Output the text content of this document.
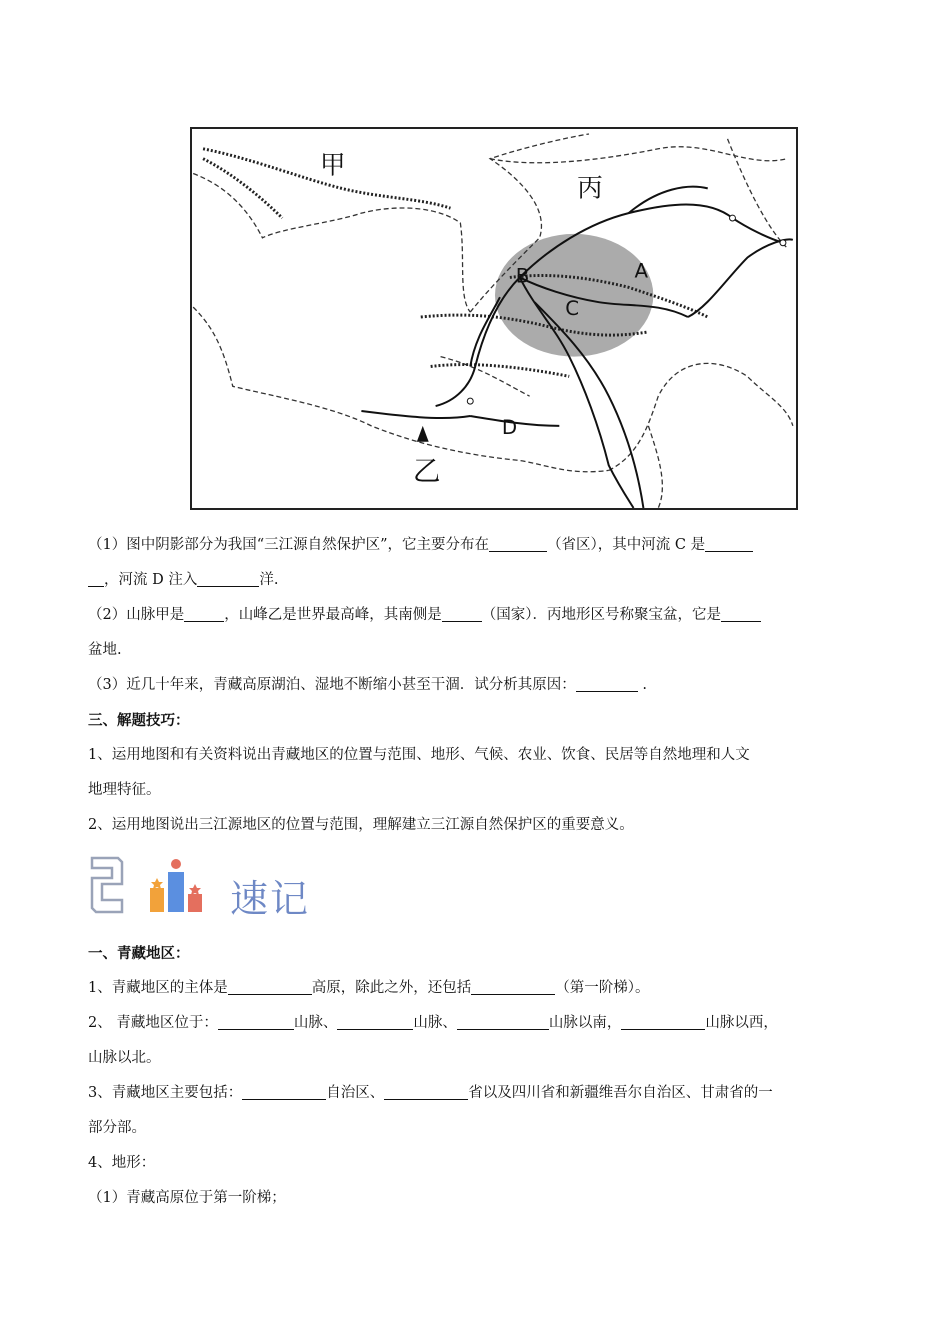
甲
丙
乙
A
B
C
D
（1）图中阴影部分为我国“三江源自然保护区”，它主要分布在	（省区），其中河流 C 是
，河流 D 注入	洋.
（2）山脉甲是	，山峰乙是世界最高峰，其南侧是	（国家）．丙地形区号称聚宝盆，它是
盆地.
（3）近几十年来，青藏高原湖泊、湿地不断缩小甚至干涸．试分析其原因：	.
三、解题技巧：
1、运用地图和有关资料说出青藏地区的位置与范围、地形、气候、农业、饮食、民居等自然地理和人文
地理特征。
2、运用地图说出三江源地区的位置与范围，理解建立三江源自然保护区的重要意义。
速记
一、青藏地区：
1、青藏地区的主体是	高原，除此之外，还包括	（第一阶梯）。
2、 青藏地区位于：	山脉、	山脉、	山脉以南，	山脉以西，
山脉以北。
3、青藏地区主要包括：	自治区、	省以及四川省和新疆维吾尔自治区、甘肃省的一
部分部。
4、地形：
（1）青藏高原位于第一阶梯；
